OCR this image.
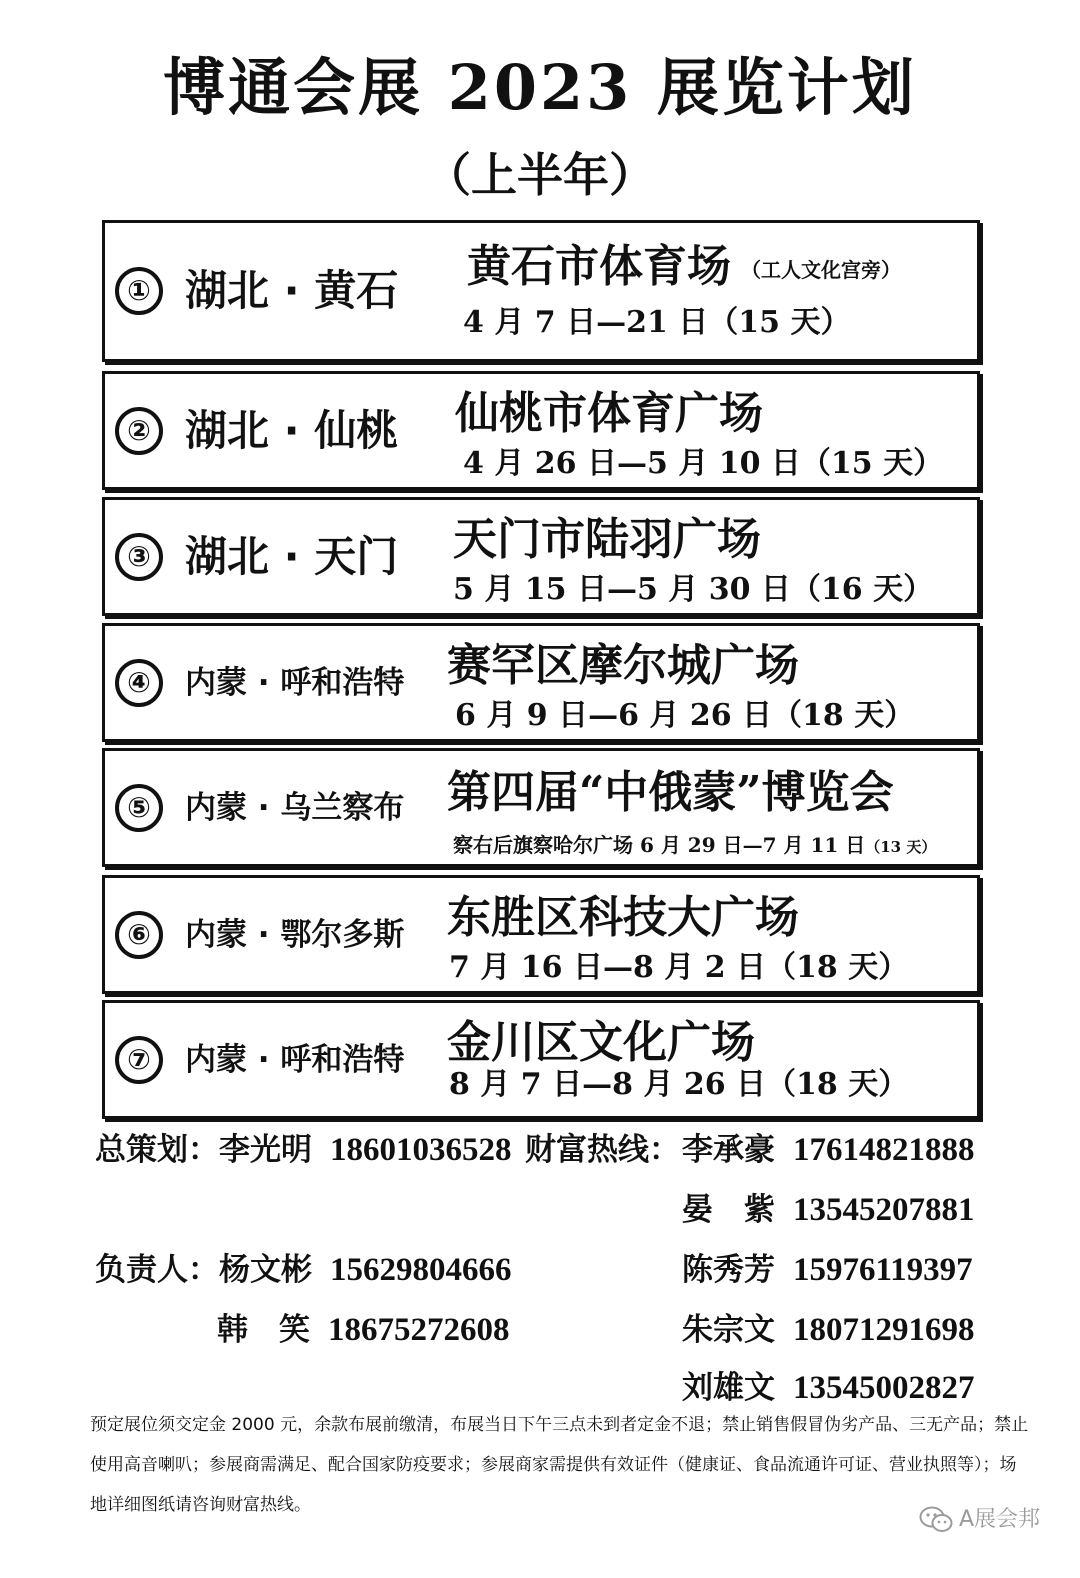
博通会展 2023 展览计划
（上半年）
① 湖北 · 黄石 黄石市体育场 （工人文化宫旁）
4 月 7 日—21 日（15 天）
② 湖北 · 仙桃 仙桃市体育广场
4 月 26 日—5 月 10 日（15 天）
③ 湖北 · 天门 天门市陆羽广场
5 月 15 日—5 月 30 日（16 天）
④	内蒙 · 呼和浩特 赛罕区摩尔城广场
6 月 9 日—6 月 26 日（18 天）
⑤	内蒙 · 乌兰察布 第四届“中俄蒙”博览会
察右后旗察哈尔广场 6 月 29 日—7 月 11 日（13 天）
⑥	内蒙 · 鄂尔多斯 东胜区科技大广场
7 月 16 日—8 月 2 日（18 天）
⑦	内蒙 · 呼和浩特 金川区文化广场
8 月 7 日—8 月 26 日（18 天）
总策划：李光明 18601036528 财富热线： 李承豪 17614821888
晏　紫 13545207881
陈秀芳 15976119397
朱宗文 18071291698
刘雄文 13545002827
负责人：杨文彬 15629804666
韩　笑 18675272608
预定展位须交定金 2000 元，余款布展前缴清，布展当日下午三点未到者定金不退；禁止销售假冒伪劣产品、三无产品；禁止使用高音喇叭；参展商需满足、配合国家防疫要求；参展商家需提供有效证件（健康证、食品流通许可证、营业执照等）；场地详细图纸请咨询财富热线。
A展会邦
